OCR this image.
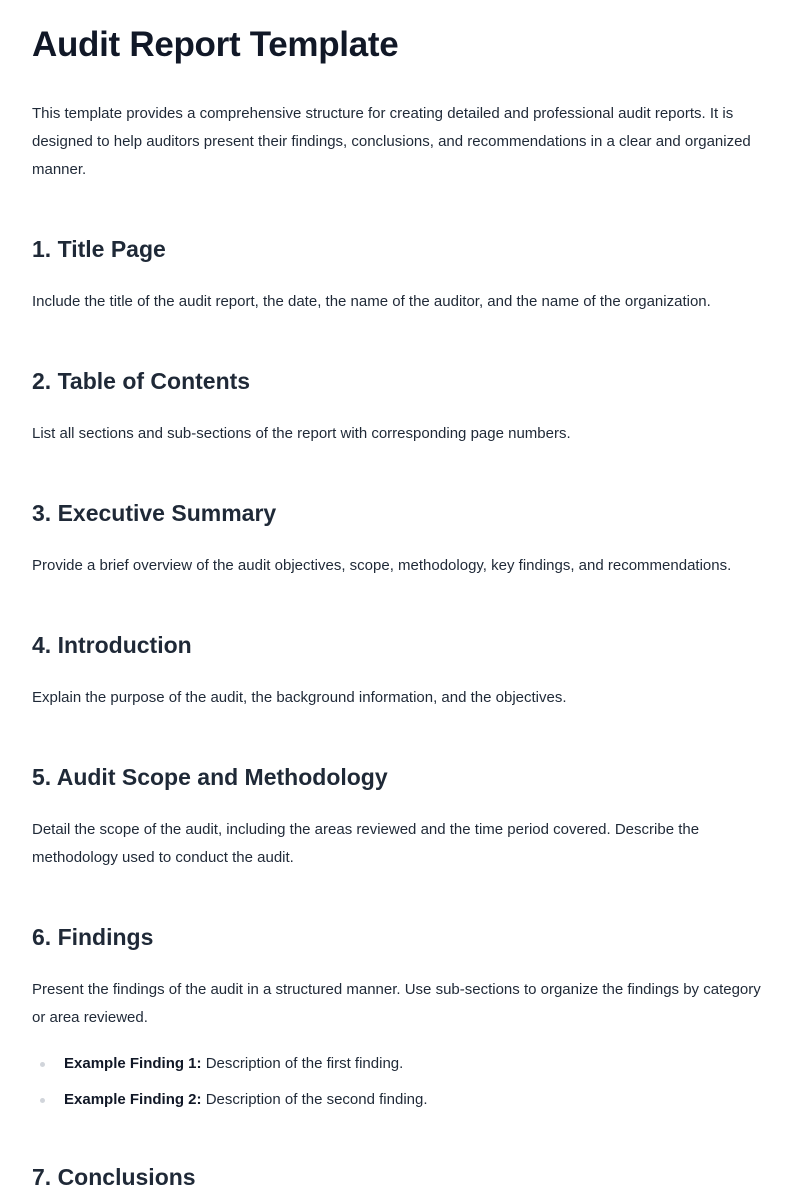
Audit Report Template

This template provides a comprehensive structure for creating detailed and professional audit reports. It is designed to help auditors present their findings, conclusions, and recommendations in a clear and organized manner.

1. Title Page

Include the title of the audit report, the date, the name of the auditor, and the name of the organization.

2. Table of Contents

List all sections and sub-sections of the report with corresponding page numbers.

3. Executive Summary

Provide a brief overview of the audit objectives, scope, methodology, key findings, and recommendations.

4. Introduction

Explain the purpose of the audit, the background information, and the objectives.

5. Audit Scope and Methodology

Detail the scope of the audit, including the areas reviewed and the time period covered. Describe the methodology used to conduct the audit.

6. Findings

Present the findings of the audit in a structured manner. Use sub-sections to organize the findings by category or area reviewed.

Example Finding 1: Description of the first finding.
Example Finding 2: Description of the second finding.
7. Conclusions
